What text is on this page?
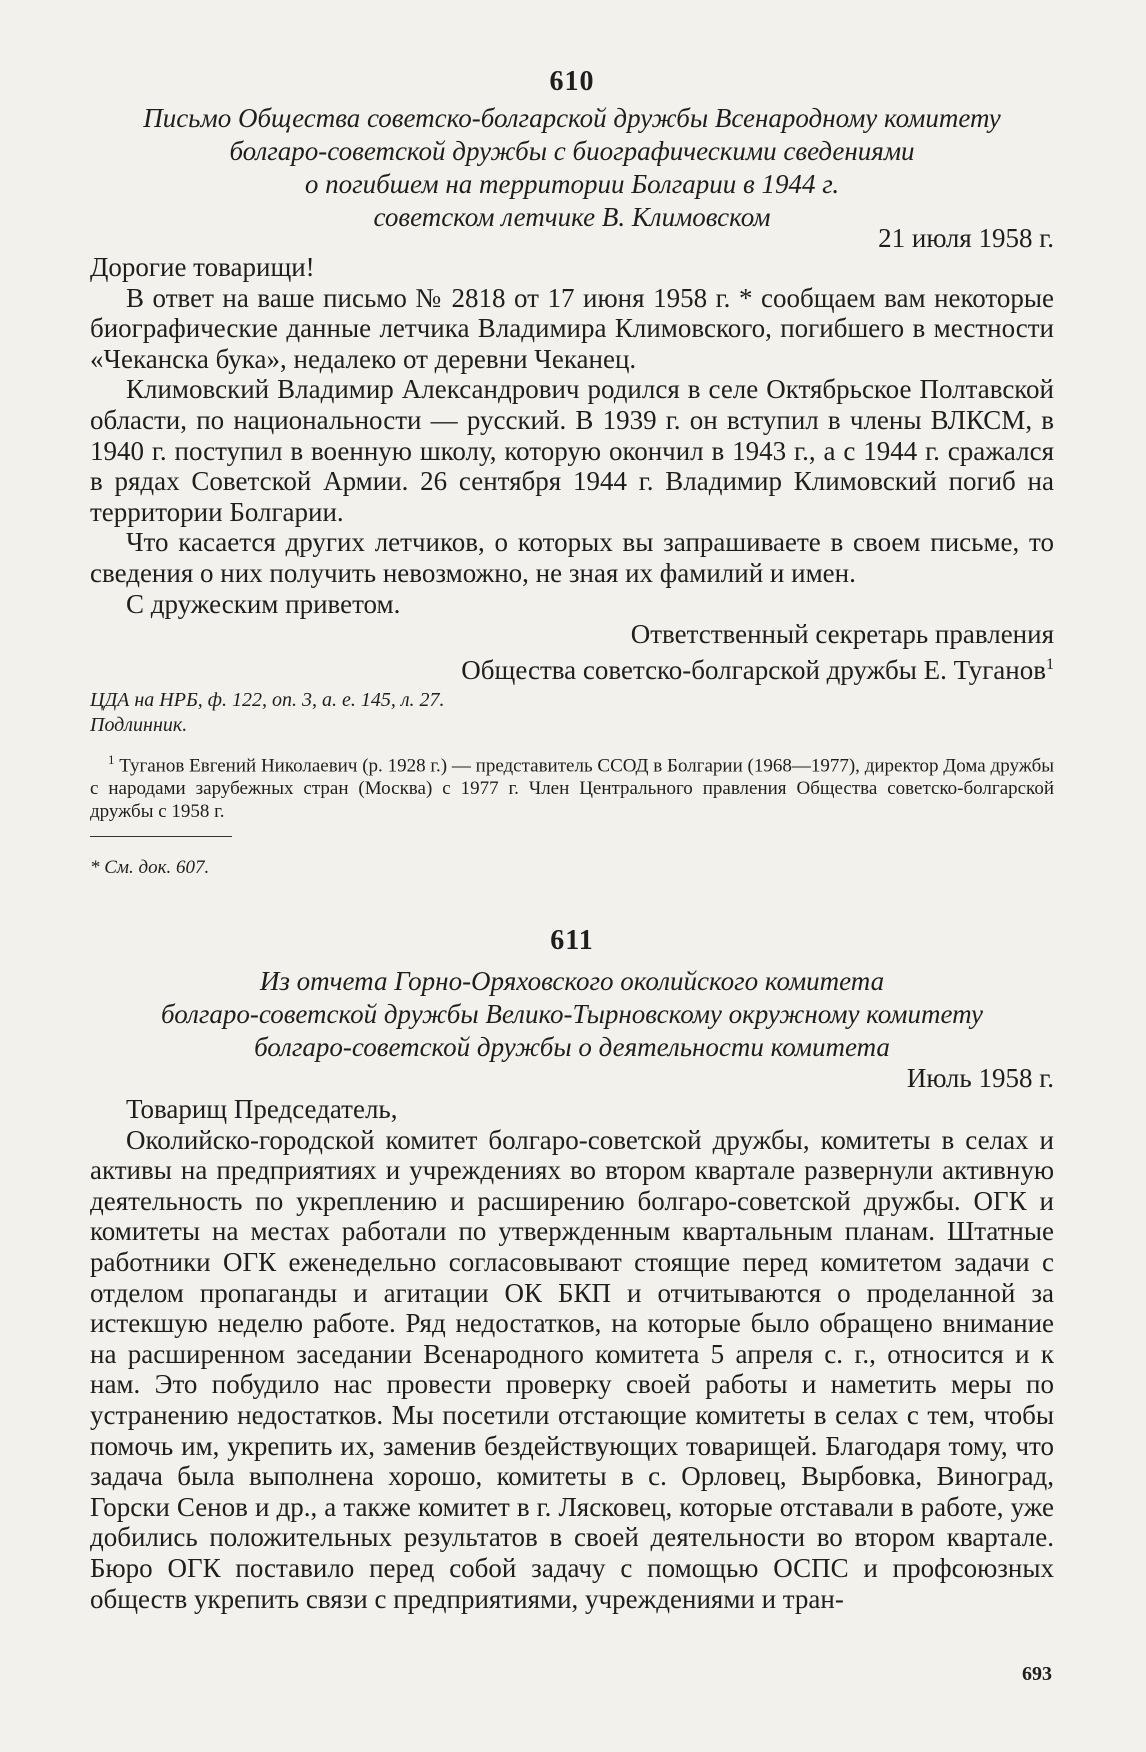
610
Письмо Общества советско-болгарской дружбы Всенародному комитету
болгаро-советской дружбы с биографическими сведениями
о погибшем на территории Болгарии в 1944 г.
советском летчике В. Климовском
21 июля 1958 г.

Дорогие товарищи!

В ответ на ваше письмо № 2818 от 17 июня 1958 г. * сообщаем вам некоторые биографические данные летчика Владимира Климовского, погибшего в местности «Чеканска бука», недалеко от деревни Чеканец.

Климовский Владимир Александрович родился в селе Октябрьское Полтавской области, по национальности — русский. В 1939 г. он вступил в члены ВЛКСМ, в 1940 г. поступил в военную школу, которую окончил в 1943 г., а с 1944 г. сражался в рядах Советской Армии. 26 сентября 1944 г. Владимир Климовский погиб на территории Болгарии.

Что касается других летчиков, о которых вы запрашиваете в своем письме, то сведения о них получить невозможно, не зная их фамилий и имен.

С дружеским приветом.

Ответственный секретарь правления

Общества советско-болгарской дружбы Е. Туганов$^1$

ЦДА на НРБ, ф. 122, оп. 3, а. е. 145, л. 27.
Подлинник.
$^1$ Туганов Евгений Николаевич (р. 1928 г.) — представитель ССОД в Болгарии (1968—1977), директор Дома дружбы с народами зарубежных стран (Москва) с 1977 г. Член Центрального правления Общества советско-болгарской дружбы с 1958 г.
* См. док. 607.
611
Из отчета Горно-Оряховского околийского комитета
болгаро-советской дружбы Велико-Тырновскому окружному комитету
болгаро-советской дружбы о деятельности комитета
Июль 1958 г.

Товарищ Председатель,

Околийско-городской комитет болгаро-советской дружбы, комитеты в селах и активы на предприятиях и учреждениях во втором квартале развернули активную деятельность по укреплению и расширению болгаро-советской дружбы. ОГК и комитеты на местах работали по утвержденным квартальным планам. Штатные работники ОГК еженедельно согласовывают стоящие перед комитетом задачи с отделом пропаганды и агитации ОК БКП и отчитываются о проделанной за истекшую неделю работе. Ряд недостатков, на которые было обращено внимание на расширенном заседании Всенародного комитета 5 апреля с. г., относится и к нам. Это побудило нас провести проверку своей работы и наметить меры по устранению недостатков. Мы посетили отстающие комитеты в селах с тем, чтобы помочь им, укрепить их, заменив бездействующих товарищей. Благодаря тому, что задача была выполнена хорошо, комитеты в с. Орловец, Вырбовка, Виноград, Горски Сенов и др., а также комитет в г. Лясковец, которые отставали в работе, уже добились положительных результатов в своей деятельности во втором квартале. Бюро ОГК поставило перед собой задачу с помощью ОСПС и профсоюзных обществ укрепить связи с предприятиями, учреждениями и тран-

693
